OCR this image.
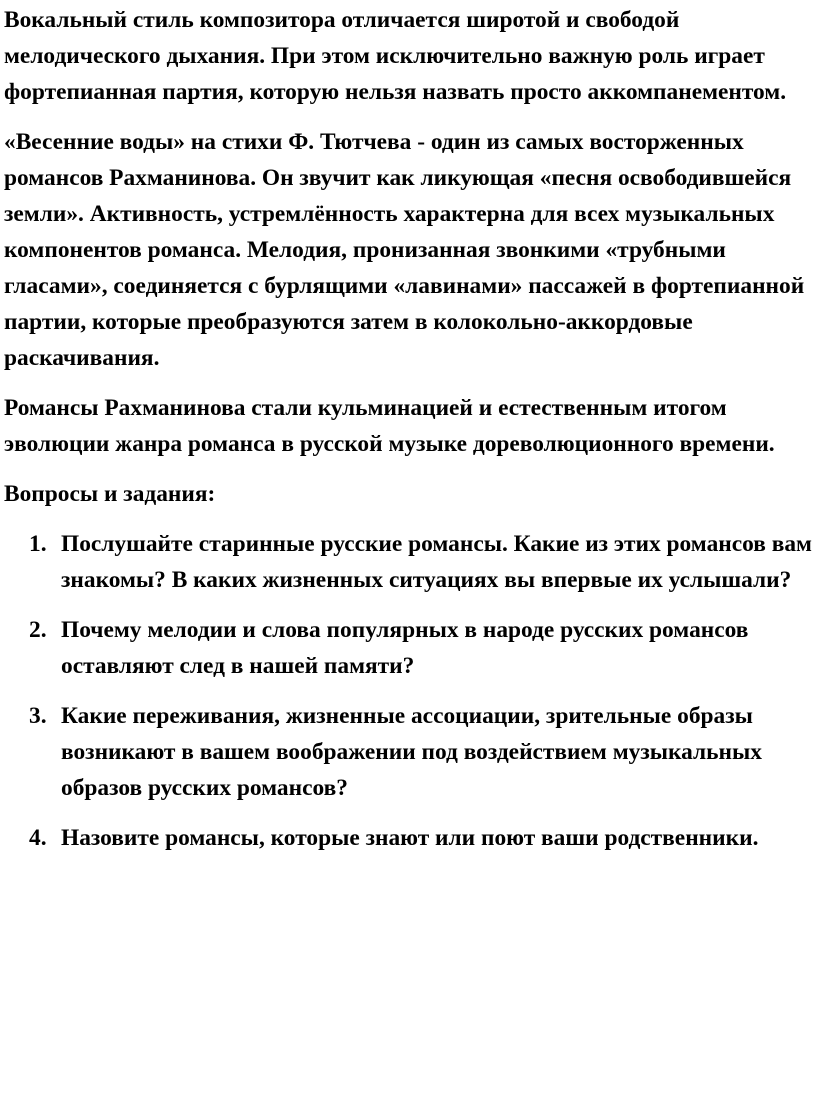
Вокальный стиль композитора отличается широтой и свободой мелодического дыхания. При этом исключительно важную роль играет фортепианная партия, которую нельзя назвать просто аккомпанементом.

«Весенние воды» на стихи Ф. Тютчева - один из самых восторженных романсов Рахманинова. Он звучит как ликующая «песня освободившейся земли». Активность, устремлённость характерна для всех музыкальных компонентов романса. Мелодия, пронизанная звонкими «трубными гласами», соединяется с бурлящими «лавинами» пассажей в фортепианной партии, которые преобразуются затем в колокольно-аккордовые раскачивания.

Романсы Рахманинова стали кульминацией и естественным итогом эволюции жанра романса в русской музыке дореволюционного времени.

Вопросы и задания:

1. Послушайте старинные русские романсы. Какие из этих романсов вам знакомы? В каких жизненных ситуациях вы впервые их услышали?
2. Почему мелодии и слова популярных в народе русских романсов оставляют след в нашей памяти?
3. Какие переживания, жизненные ассоциации, зрительные образы возникают в вашем воображении под воздействием музыкальных образов русских романсов?
4. Назовите романсы, которые знают или поют ваши родственники.
